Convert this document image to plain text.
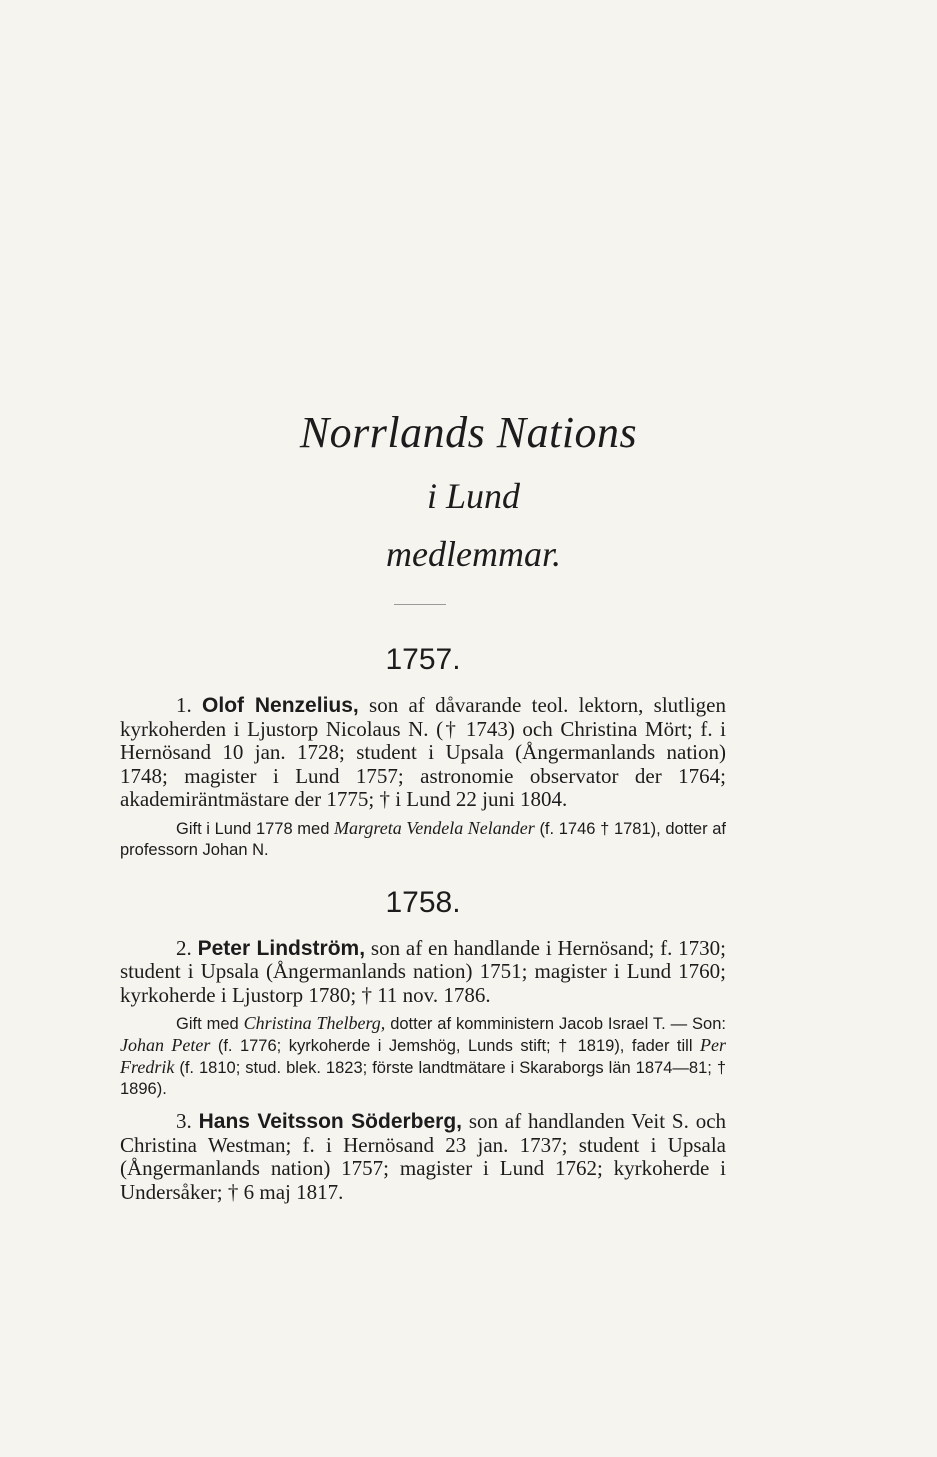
Norrlands Nations
i Lund
medlemmar.
1757.

1. Olof Nenzelius, son af dåvarande teol. lektorn, slutligen kyrkoherden i Ljustorp Nicolaus N. († 1743) och Christina Mört; f. i Hernösand 10 jan. 1728; student i Upsala (Ångermanlands nation) 1748; magister i Lund 1757; astronomie observator der 1764; akademiräntmästare der 1775; † i Lund 22 juni 1804.

Gift i Lund 1778 med Margreta Vendela Nelander (f. 1746 † 1781), dotter af professorn Johan N.

1758.

2. Peter Lindström, son af en handlande i Hernösand; f. 1730; student i Upsala (Ångermanlands nation) 1751; magister i Lund 1760; kyrkoherde i Ljustorp 1780; † 11 nov. 1786.

Gift med Christina Thelberg, dotter af komministern Jacob Israel T. — Son: Johan Peter (f. 1776; kyrkoherde i Jemshög, Lunds stift; † 1819), fader till Per Fredrik (f. 1810; stud. blek. 1823; förste landtmätare i Skaraborgs län 1874—81; † 1896).

3. Hans Veitsson Söderberg, son af handlanden Veit S. och Christina Westman; f. i Hernösand 23 jan. 1737; student i Upsala (Ångermanlands nation) 1757; magister i Lund 1762; kyrkoherde i Undersåker; † 6 maj 1817.
